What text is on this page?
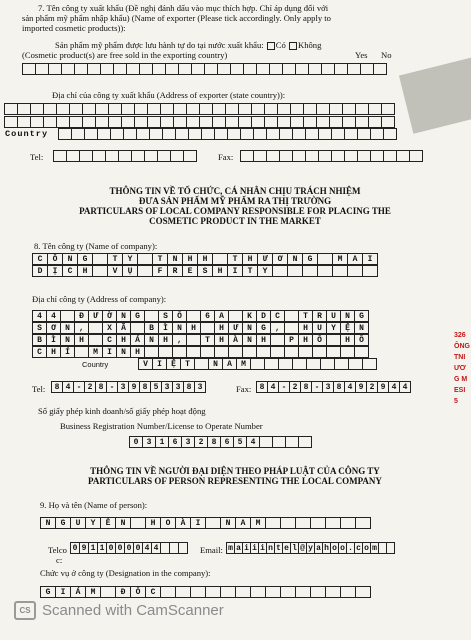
7. Tên công ty xuất khẩu (Đề nghị đánh dấu vào mục thích hợp. Chỉ áp dụng đối với
sản phẩm mỹ phẩm nhập khẩu) (Name of exporter (Please tick accordingly. Only apply to
imported cosmetic products)):
Sản phẩm mỹ phẩm được lưu hành tự do tại nước xuất khẩu: Có Không
(Cosmetic product(s) are free sold in the exporting country)	Yes No
Địa chỉ của công ty xuất khẩu (Address of exporter (state country)):
Country
Tel:	Fax:
THÔNG TIN VỀ TỔ CHỨC, CÁ NHÂN CHỊU TRÁCH NHIỆM
ĐƯA SẢN PHẨM MỸ PHẨM RA THỊ TRƯỜNG
PARTICULARS OF LOCAL COMPANY RESPONSIBLE FOR PLACING THE
COSMETIC PRODUCT IN THE MARKET
8. Tên công ty (Name of company):
C	Ô	N	G	T	Y	T	N	H	H	T	H	Ư	Ơ	N	G	M	A	I
D	Ị	C	H	V	Ụ	F	R	E	S	H	I	T	Y
Địa chỉ công ty (Address of company):
4	4	Đ	Ư	Ờ	N	G	S	Ố	6	A	K	D	C	T	R	U	N	G
S	Ơ	N	,	X	Ã	B	Ì	N	H	H	Ư	N	G	,	H	U	Y	Ệ	N
B	Ì	N	H	C	H	Á	N	H	,	T	H	À	N	H	P	H	Ố	H	Ồ
C	H	Í	M	I	N	H
Country	V	I	Ệ	T	N	A	M
Tel:	8 4 - 2 8 - 3 9 8 5 3 3 8 3	Fax:	8 4 - 2 8 - 3 8 4 9 2 9 4 4
Số giấy phép kinh doanh/số giấy phép hoạt động
Business Registration Number/License to Operate Number
0	3	1	6	3	2	8	6	5	4
THÔNG TIN VỀ NGƯỜI ĐẠI DIỆN THEO PHÁP LUẬT CỦA CÔNG TY
PARTICULARS OF PERSON REPRESENTING THE LOCAL COMPANY
9. Họ và tên (Name of person):
N	G	U	Y	Ễ	N	H	O	À	I	N	A	M
Telco
c:
0 9 1 1 0 0 0 0 4 4	Email: m a i i i n t e l @ y a h o o . c o m
Chức vụ ở công ty (Designation in the company):
G	I	Á	M	Đ	Ố	C
326
ÔNG
TNI
ƯƠ
G M
ESI
5
CS Scanned with CamScanner
